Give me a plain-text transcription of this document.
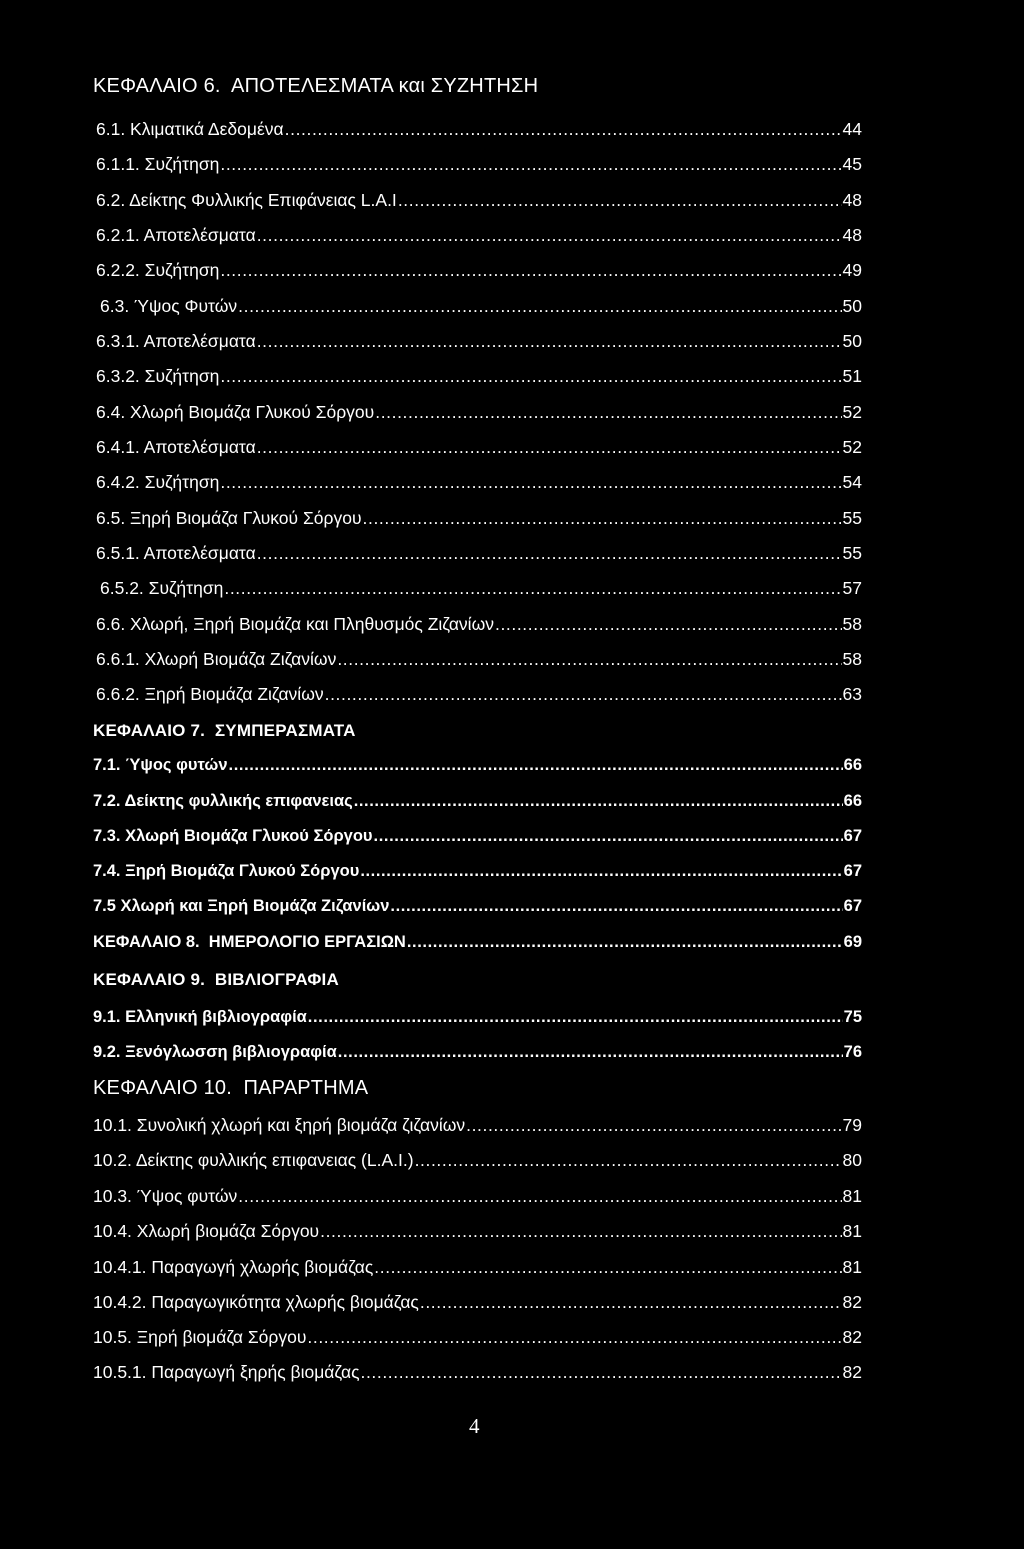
ΚΕΦΑΛΑΙΟ 6.  ΑΠΟΤΕΛΕΣΜΑΤΑ και ΣΥΖΗΤΗΣΗ
6.1. Κλιματικά Δεδομένα .....	44
6.1.1. Συζήτηση .....	45
6.2. Δείκτης Φυλλικής Επιφάνειας L.A.I .....	48
6.2.1. Αποτελέσματα .....	48
6.2.2. Συζήτηση .....	49
6.3. Ύψος Φυτών .....	50
6.3.1. Αποτελέσματα .....	50
6.3.2. Συζήτηση .....	51
6.4. Χλωρή Βιομάζα Γλυκού Σόργου .....	52
6.4.1. Αποτελέσματα .....	52
6.4.2. Συζήτηση .....	54
6.5. Ξηρή Βιομάζα Γλυκού Σόργου .....	55
6.5.1. Αποτελέσματα .....	55
6.5.2. Συζήτηση .....	57
6.6. Χλωρή, Ξηρή Βιομάζα και Πληθυσμός Ζιζανίων .....	58
6.6.1. Χλωρή Βιομάζα Ζιζανίων .....	58
6.6.2. Ξηρή Βιομάζα Ζιζανίων .....	63
ΚΕΦΑΛΑΙΟ 7.  ΣΥΜΠΕΡΑΣΜΑΤΑ
7.1. Ύψος φυτών .....	66
7.2. Δείκτης φυλλικής επιφανειας .....	66
7.3. Χλωρή Βιομάζα Γλυκού Σόργου .....	67
7.4. Ξηρή Βιομάζα Γλυκού Σόργου .....	67
7.5 Χλωρή και Ξηρή Βιομάζα Ζιζανίων .....	67
ΚΕΦΑΛΑΙΟ 8.  ΗΜΕΡΟΛΟΓΙΟ ΕΡΓΑΣΙΩΝ .....	69
ΚΕΦΑΛΑΙΟ 9.  ΒΙΒΛΙΟΓΡΑΦΙΑ
9.1. Ελληνική βιβλιογραφία .....	75
9.2. Ξενόγλωσση βιβλιογραφία .....	76
ΚΕΦΑΛΑΙΟ 10.  ΠΑΡΑΡΤΗΜΑ
10.1. Συνολική χλωρή και ξηρή βιομάζα ζιζανίων .....	79
10.2. Δείκτης φυλλικής επιφανειας (L.A.I.) .....	80
10.3. Ύψος φυτών .....	81
10.4. Χλωρή βιομάζα Σόργου .....	81
10.4.1. Παραγωγή χλωρής βιομάζας .....	81
10.4.2. Παραγωγικότητα χλωρής βιομάζας .....	82
10.5. Ξηρή βιομάζα Σόργου .....	82
10.5.1. Παραγωγή ξηρής βιομάζας .....	82
4
